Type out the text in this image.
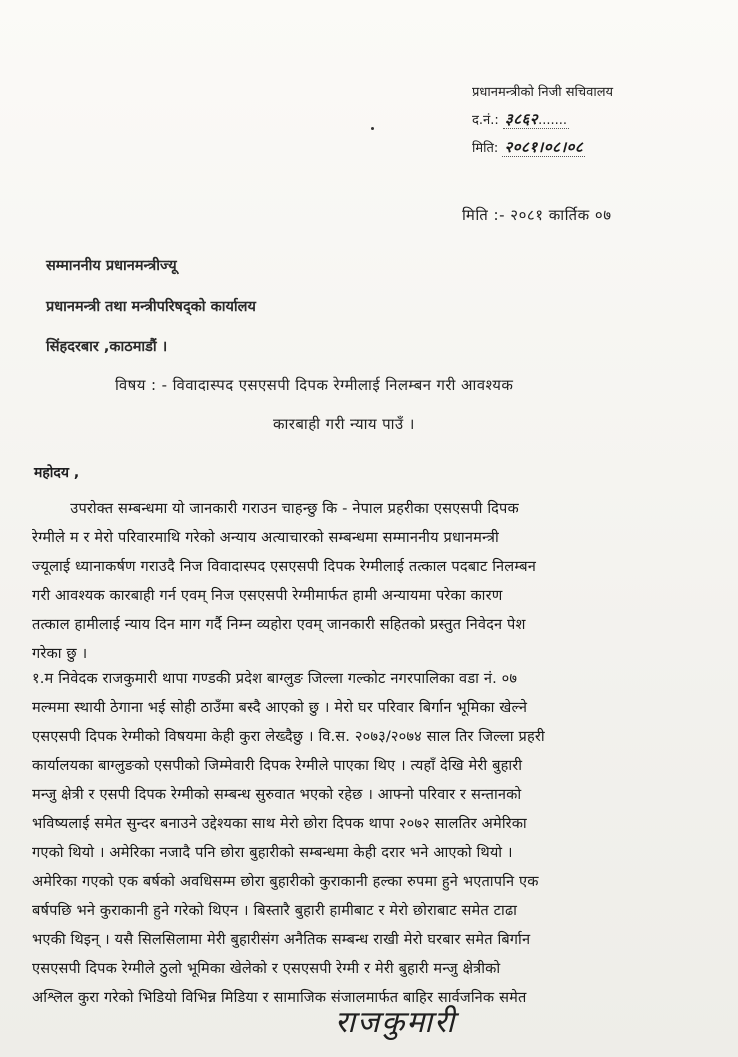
प्रधानमन्त्रीको निजी सचिवालय
द.नं.: ३८६२.......
मिति: २०८१।०८।०८
मिति :- २०८१ कार्तिक ०७
सम्माननीय प्रधानमन्त्रीज्यू
प्रधानमन्त्री तथा मन्त्रीपरिषद्को कार्यालय
सिंहदरबार ,काठमाडौं ।
विषय : - विवादास्पद एसएसपी दिपक रेग्मीलाई निलम्बन गरी आवश्यक
कारबाही गरी न्याय पाउँ ।
महोदय ,
उपरोक्त सम्बन्धमा यो जानकारी गराउन चाहन्छु कि - नेपाल प्रहरीका एसएसपी दिपक
रेग्मीले म र मेरो परिवारमाथि गरेको अन्याय अत्याचारको सम्बन्धमा सम्माननीय प्रधानमन्त्री
ज्यूलाई ध्यानाकर्षण गराउदै निज विवादास्पद एसएसपी दिपक रेग्मीलाई तत्काल पदबाट निलम्बन
गरी आवश्यक कारबाही गर्न एवम् निज एसएसपी रेग्मीमार्फत हामी अन्यायमा परेका कारण
तत्काल हामीलाई न्याय दिन माग गर्दै निम्न व्यहोरा एवम् जानकारी सहितको प्रस्तुत निवेदन पेश
गरेका छु ।
१.म निवेदक राजकुमारी थापा गण्डकी प्रदेश बाग्लुङ जिल्ला गल्कोट नगरपालिका वडा नं. ०७
मल्ममा स्थायी ठेगाना भई सोही ठाउँमा बस्दै आएको छु । मेरो घर परिवार बिर्गान भूमिका खेल्ने
एसएसपी दिपक रेग्मीको विषयमा केही कुरा लेख्दैछु । वि.स. २०७३/२०७४ साल तिर जिल्ला प्रहरी
कार्यालयका बाग्लुङको एसपीको जिम्मेवारी दिपक रेग्मीले पाएका थिए । त्यहाँ देखि मेरी बुहारी
मन्जु क्षेत्री र एसपी दिपक रेग्मीको सम्बन्ध सुरुवात भएको रहेछ । आफ्नो परिवार र सन्तानको
भविष्यलाई समेत सुन्दर बनाउने उद्देश्यका साथ मेरो छोरा दिपक थापा २०७२ सालतिर अमेरिका
गएको थियो । अमेरिका नजादै पनि छोरा बुहारीको सम्बन्धमा केही दरार भने आएको थियो ।
अमेरिका गएको एक बर्षको अवधिसम्म छोरा बुहारीको कुराकानी हल्का रुपमा हुने भएतापनि एक
बर्षपछि भने कुराकानी हुने गरेको थिएन । बिस्तारै बुहारी हामीबाट र मेरो छोराबाट समेत टाढा
भएकी थिइन् । यसै सिलसिलामा मेरी बुहारीसंग अनैतिक सम्बन्ध राखी मेरो घरबार समेत बिर्गान
एसएसपी दिपक रेग्मीले ठुलो भूमिका खेलेको र एसएसपी रेग्मी र मेरी बुहारी मन्जु क्षेत्रीको
अश्लिल कुरा गरेको भिडियो विभिन्न मिडिया र सामाजिक संजालमार्फत बाहिर सार्वजनिक समेत
राजकुमारी
